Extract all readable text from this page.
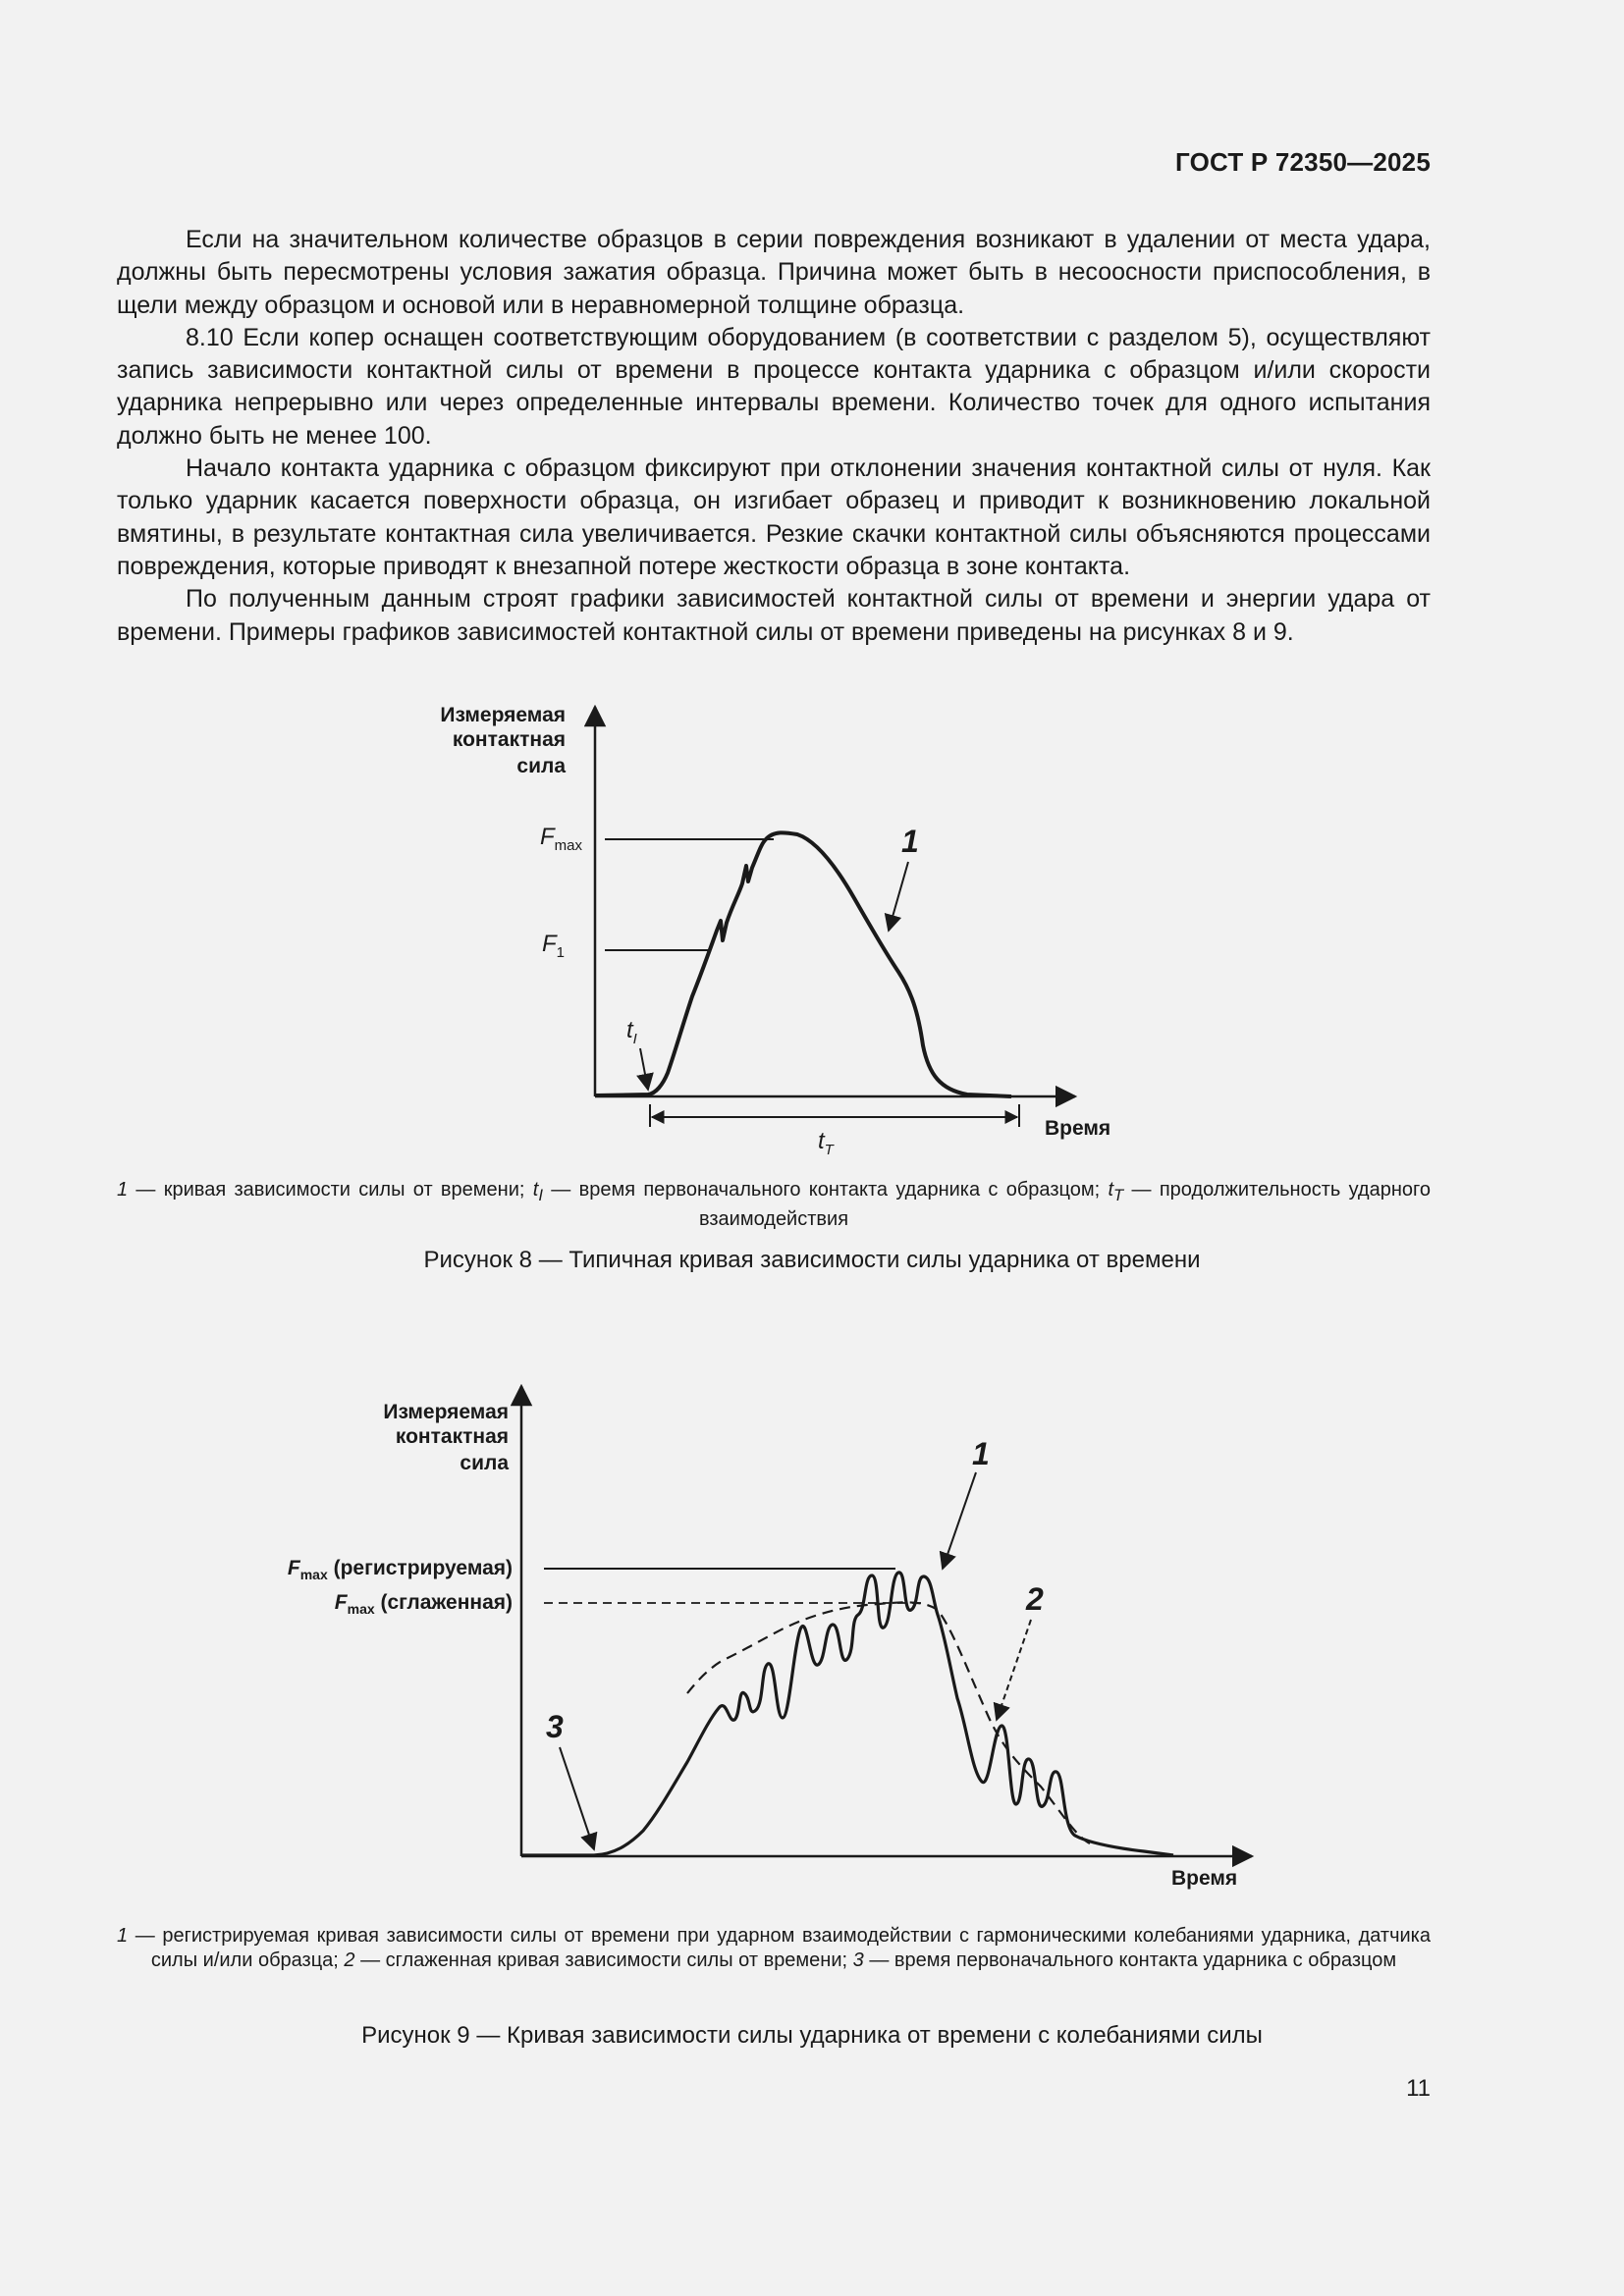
ГОСТ Р 72350—2025

Если на значительном количестве образцов в серии повреждения возникают в удалении от места удара, должны быть пересмотрены условия зажатия образца. Причина может быть в несоосности приспособления, в щели между образцом и основой или в неравномерной толщине образца.

8.10 Если копер оснащен соответствующим оборудованием (в соответствии с разделом 5), осуществляют запись зависимости контактной силы от времени в процессе контакта ударника с образцом и/или скорости ударника непрерывно или через определенные интервалы времени. Количество точек для одного испытания должно быть не менее 100.

Начало контакта ударника с образцом фиксируют при отклонении значения контактной силы от нуля. Как только ударник касается поверхности образца, он изгибает образец и приводит к возникновению локальной вмятины, в результате контактная сила увеличивается. Резкие скачки контактной силы объясняются процессами повреждения, которые приводят к внезапной потере жесткости образца в зоне контакта.

По полученным данным строят графики зависимостей контактной силы от времени и энергии удара от времени. Примеры графиков зависимостей контактной силы от времени приведены на рисунках 8 и 9.

Измеряемая
контактная
сила
Fmax
F1
1
tI
tT
Время
1 — кривая зависимости силы от времени; $t_I$ — время первоначального контакта ударника с образцом; $t_T$ — продолжительность ударного взаимодействия
Рисунок 8 — Типичная кривая зависимости силы ударника от времени
Измеряемая
контактная
сила	1
2
3
Время
$F_{max}$ (регистрируемая)
$F_{max}$ (сглаженная)
1 — регистрируемая кривая зависимости силы от времени при ударном взаимодействии с гармоническими колебаниями ударника, датчика силы и/или образца; 2 — сглаженная кривая зависимости силы от времени; 3 — время первоначального контакта ударника с образцом
Рисунок 9 — Кривая зависимости силы ударника от времени с колебаниями силы
11
